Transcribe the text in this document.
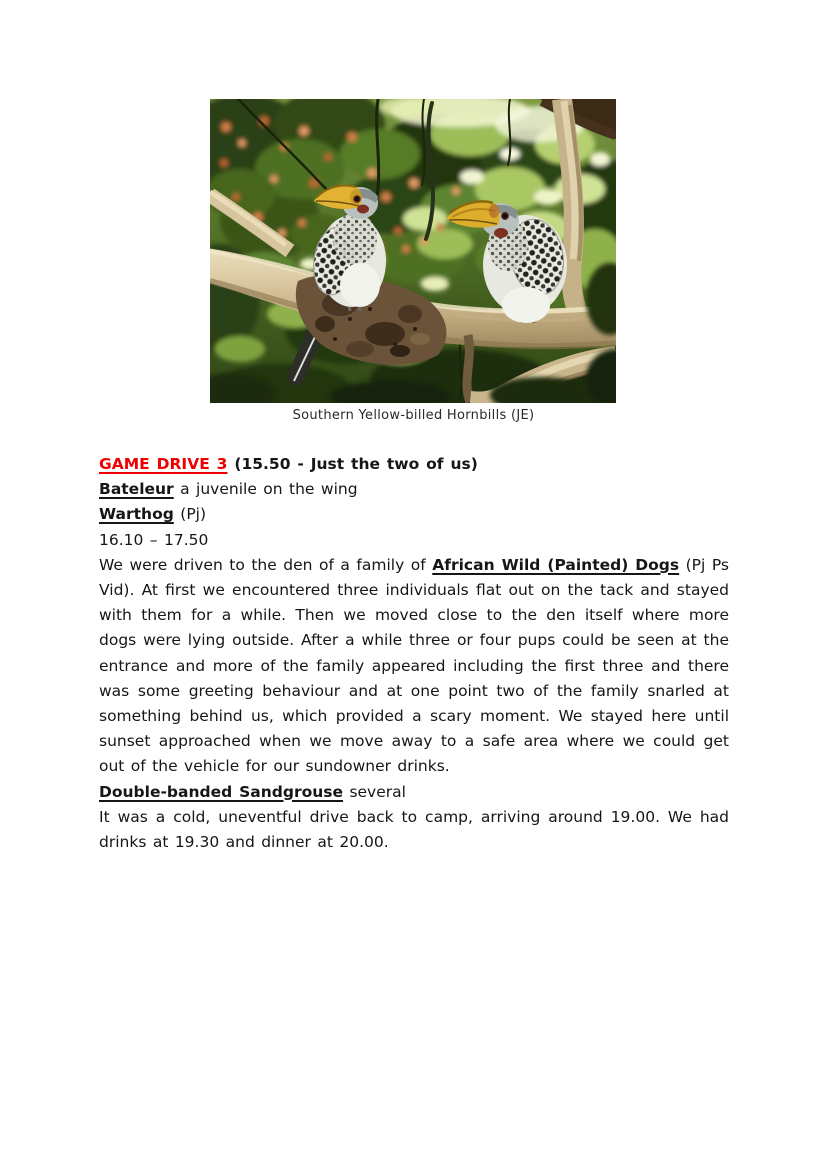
Southern Yellow-billed Hornbills (JE)

GAME DRIVE 3 (15.50 - Just the two of us)

Bateleur a juvenile on the wing

Warthog (Pj)

16.10 – 17.50

We were driven to the den of a family of African Wild (Painted) Dogs (Pj Ps Vid). At first we encountered three individuals flat out on the tack and stayed with them for a while. Then we moved close to the den itself where more dogs were lying outside. After a while three or four pups could be seen at the entrance and more of the family appeared including the first three and there was some greeting behaviour and at one point two of the family snarled at something behind us, which provided a scary moment. We stayed here until sunset approached when we move away to a safe area where we could get out of the vehicle for our sundowner drinks.

Double-banded Sandgrouse several

It was a cold, uneventful drive back to camp, arriving around 19.00. We had drinks at 19.30 and dinner at 20.00.
